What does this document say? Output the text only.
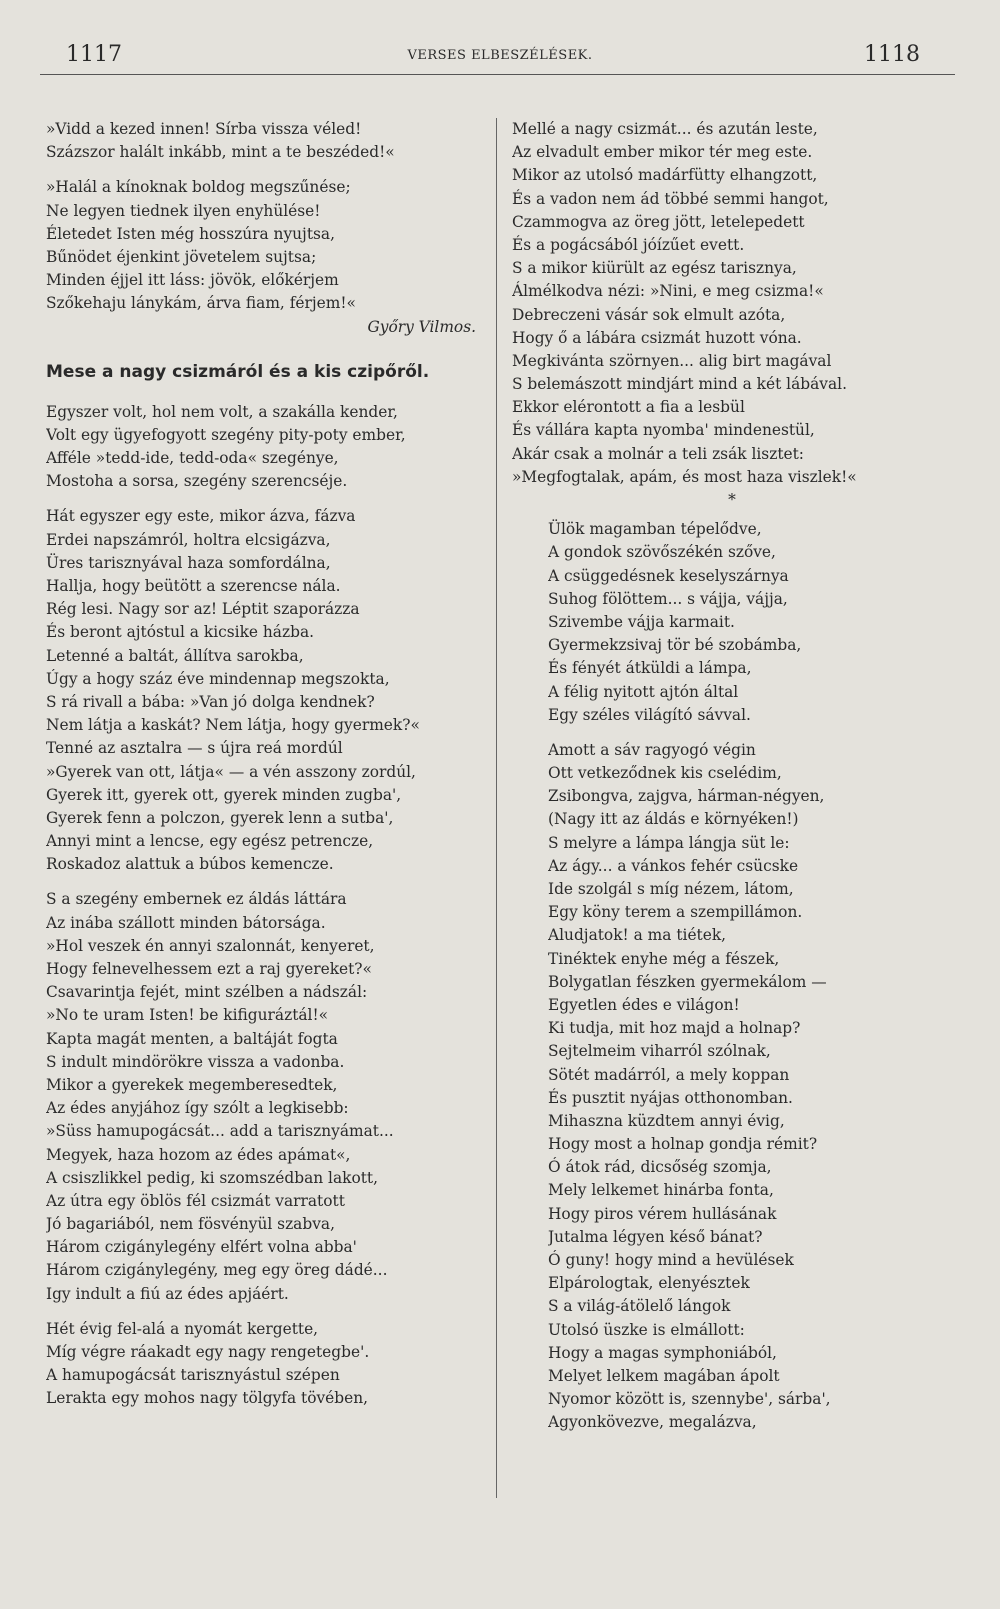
1117	VERSES ELBESZÉLÉSEK.	1118
»Vidd a kezed innen! Sírba vissza véled!
Százszor halált inkább, mint a te beszéded!«
»Halál a kínoknak boldog megszűnése;
Ne legyen tiednek ilyen enyhülése!
Életedet Isten még hosszúra nyujtsa,
Bűnödet éjenkint jövetelem sujtsa;
Minden éjjel itt láss: jövök, előkérjem
Szőkehaju lánykám, árva fiam, férjem!«
Győry Vilmos.
Mese a nagy csizmáról és a kis czipőről.
Egyszer volt, hol nem volt, a szakálla kender,
Volt egy ügyefogyott szegény pity-poty ember,
Afféle »tedd-ide, tedd-oda« szegénye,
Mostoha a sorsa, szegény szerencséje.
Hát egyszer egy este, mikor ázva, fázva
Erdei napszámról, holtra elcsigázva,
Üres tarisznyával haza somfordálna,
Hallja, hogy beütött a szerencse nála.
Rég lesi. Nagy sor az! Léptit szaporázza
És beront ajtóstul a kicsike házba.
Letenné a baltát, állítva sarokba,
Úgy a hogy száz éve mindennap megszokta,
S rá rivall a bába: »Van jó dolga kendnek?
Nem látja a kaskát? Nem látja, hogy gyermek?«
Tenné az asztalra — s újra reá mordúl
»Gyerek van ott, látja« — a vén asszony zordúl,
Gyerek itt, gyerek ott, gyerek minden zugba',
Gyerek fenn a polczon, gyerek lenn a sutba',
Annyi mint a lencse, egy egész petrencze,
Roskadoz alattuk a búbos kemencze.
S a szegény embernek ez áldás láttára
Az inába szállott minden bátorsága.
»Hol veszek én annyi szalonnát, kenyeret,
Hogy felnevelhessem ezt a raj gyereket?«
Csavarintja fejét, mint szélben a nádszál:
»No te uram Isten! be kifiguráztál!«
Kapta magát menten, a baltáját fogta
S indult mindörökre vissza a vadonba.
Mikor a gyerekek megemberesedtek,
Az édes anyjához így szólt a legkisebb:
»Süss hamupogácsát... add a tarisznyámat...
Megyek, haza hozom az édes apámat«,
A csiszlikkel pedig, ki szomszédban lakott,
Az útra egy öblös fél csizmát varratott
Jó bagariából, nem fösvényül szabva,
Három czigánylegény elfért volna abba'
Három czigánylegény, meg egy öreg dádé...
Igy indult a fiú az édes apjáért.
Hét évig fel-alá a nyomát kergette,
Míg végre ráakadt egy nagy rengetegbe'.
A hamupogácsát tarisznyástul szépen
Lerakta egy mohos nagy tölgyfa tövében,
Mellé a nagy csizmát... és azután leste,
Az elvadult ember mikor tér meg este.
Mikor az utolsó madárfütty elhangzott,
És a vadon nem ád többé semmi hangot,
Czammogva az öreg jött, letelepedett
És a pogácsából jóízűet evett.
S a mikor kiürült az egész tarisznya,
Álmélkodva nézi: »Nini, e meg csizma!«
Debreczeni vásár sok elmult azóta,
Hogy ő a lábára csizmát huzott vóna.
Megkivánta szörnyen... alig birt magával
S belemászott mindjárt mind a két lábával.
Ekkor elérontott a fia a lesbül
És vállára kapta nyomba' mindenestül,
Akár csak a molnár a teli zsák lisztet:
»Megfogtalak, apám, és most haza viszlek!«
*
Ülök magamban tépelődve,
A gondok szövőszékén szőve,
A csüggedésnek keselyszárnya
Suhog fölöttem... s vájja, vájja,
Szivembe vájja karmait.
Gyermekzsivaj tör bé szobámba,
És fényét átküldi a lámpa,
A félig nyitott ajtón által
Egy széles világító sávval.
Amott a sáv ragyogó végin
Ott vetkeződnek kis cselédim,
Zsibongva, zajgva, hárman-négyen,
(Nagy itt az áldás e környéken!)
S melyre a lámpa lángja süt le:
Az ágy... a vánkos fehér csücske
Ide szolgál s míg nézem, látom,
Egy köny terem a szempillámon.
Aludjatok! a ma tiétek,
Tinéktek enyhe még a fészek,
Bolygatlan fészken gyermekálom —
Egyetlen édes e világon!
Ki tudja, mit hoz majd a holnap?
Sejtelmeim viharról szólnak,
Sötét madárról, a mely koppan
És pusztit nyájas otthonomban.
Mihaszna küzdtem annyi évig,
Hogy most a holnap gondja rémit?
Ó átok rád, dicsőség szomja,
Mely lelkemet hinárba fonta,
Hogy piros vérem hullásának
Jutalma légyen késő bánat?
Ó guny! hogy mind a hevülések
Elpárologtak, elenyésztek
S a világ-átölelő lángok
Utolsó üszke is elmállott:
Hogy a magas symphoniából,
Melyet lelkem magában ápolt
Nyomor között is, szennybe', sárba',
Agyonkövezve, megalázva,
